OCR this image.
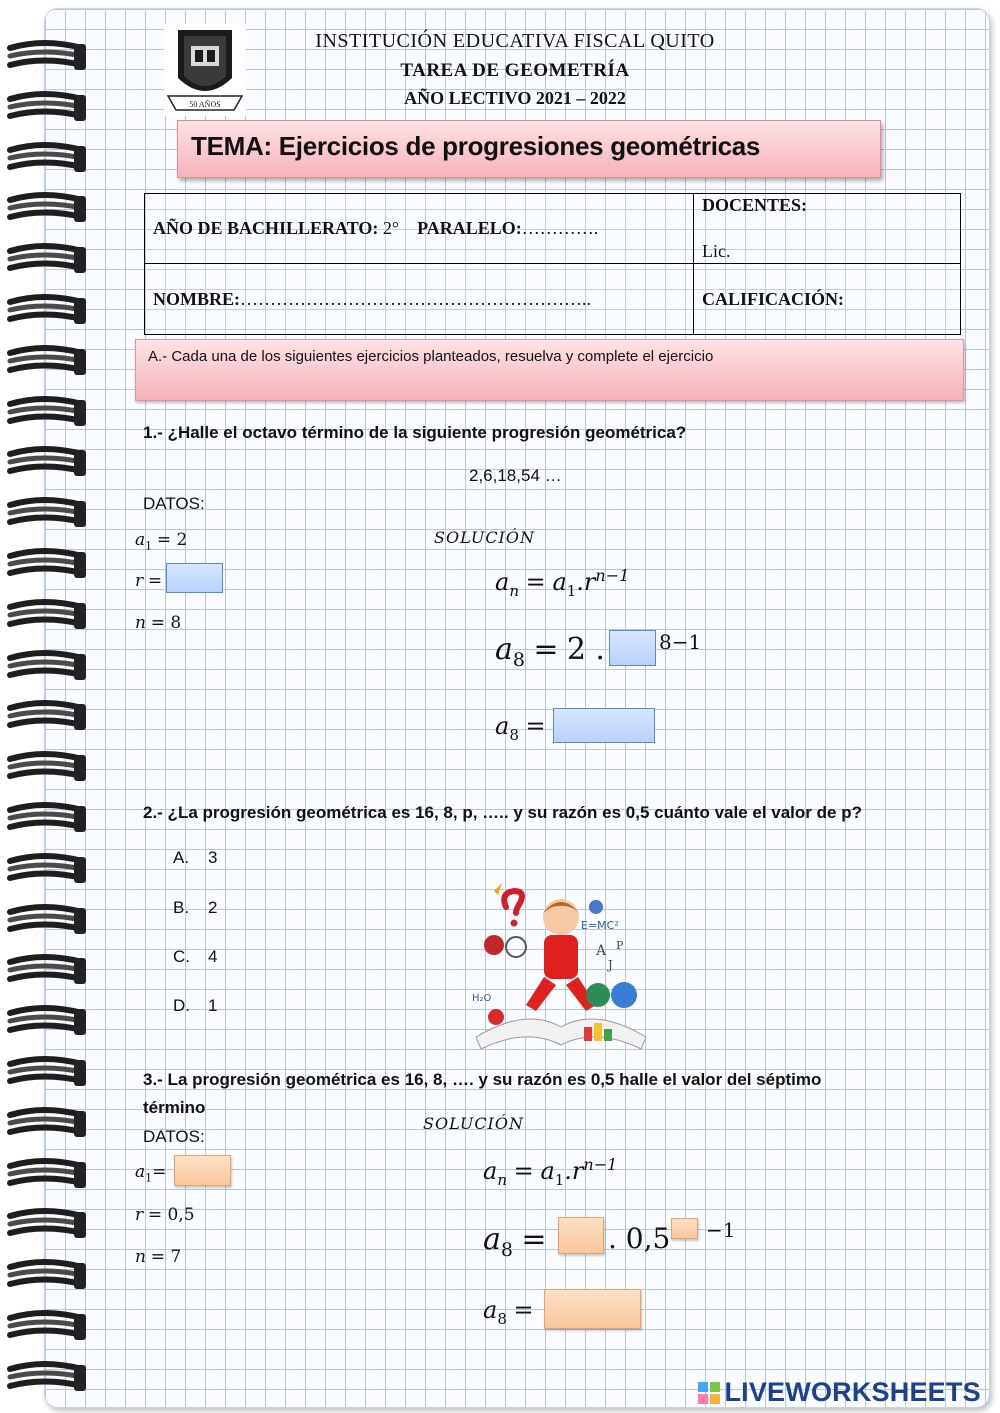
50 AÑOS
INSTITUCIÓN EDUCATIVA FISCAL QUITO
TAREA DE GEOMETRÍA
AÑO LECTIVO 2021 – 2022
TEMA: Ejercicios de progresiones geométricas
AÑO DE BACHILLERATO: 2° PARALELO:………….
DOCENTES:
Lic.
NOMBRE:…………………………………………………..	CALIFICACIÓN:
A.- Cada una de los siguientes ejercicios planteados, resuelva y complete el ejercicio
1.- ¿Halle el octavo término de la siguiente progresión geométrica?
2,6,18,54 …
DATOS:
SOLUCIÓN
$a_1 = 2$
r =
n = 8
$a_n = a_1.r^{n-1}$
$a_8 = 2$ .	8−1
$a_8$ =
2.- ¿La progresión geométrica es 16, 8, p, ….. y su razón es 0,5 cuánto vale el valor de p?
A. 3
B. 2
C. 4
D. 1
E=MC²
A
J
P
H₂O
3.- La progresión geométrica es 16, 8, …. y su razón es 0,5 halle el valor del séptimo
término
DATOS:
SOLUCIÓN
$a_1=$
r = 0,5
n = 7
$a_n = a_1.r^{n-1}$
$a_8$ = . 0,5 −1
$a_8$ =
LIVEWORKSHEETS
